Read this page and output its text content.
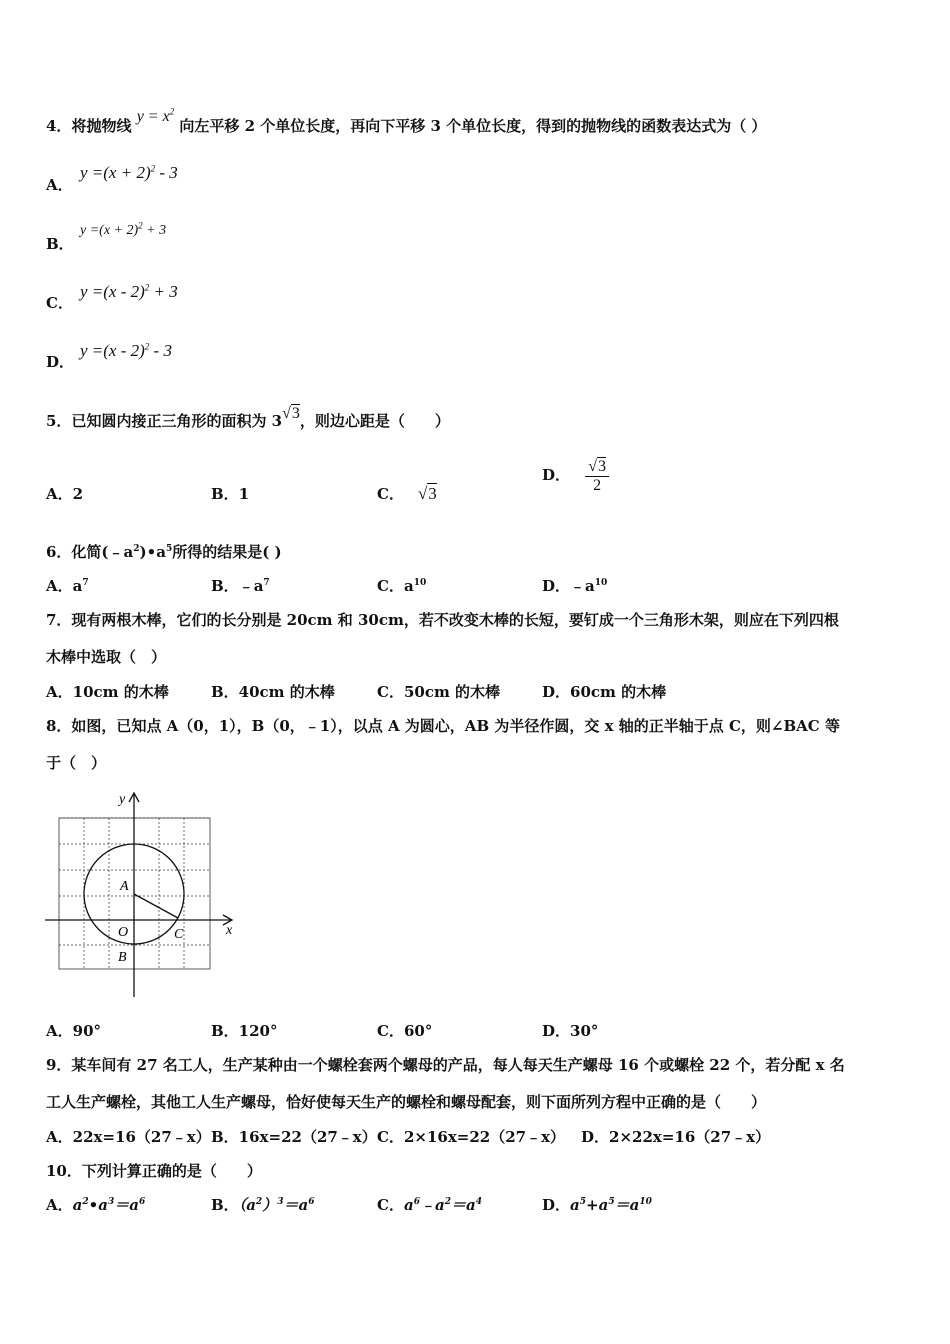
4．将抛物线 $y = x^2$ 向左平移 2 个单位长度，再向下平移 3 个单位长度，得到的抛物线的函数表达式为（ ）
A．
$y =(x + 2)^2 - 3$
B．
$y =(x + 2)^2 + 3$
C．
y =(x - 2)$^2$ + 3
D．
y =(x - 2)$^2$ - 3
5．已知圆内接正三角形的面积为 3√3，则边心距是（　　）
A．2	B．1	C． √3
D． $\frac{√3}{2}$
6．化简$(﹣a^2)•a^5$所得的结果是( )
A．$a^7$	B．$﹣a^7$	C．$a^{10}$	D．$﹣a^{10}$
7．现有两根木棒，它们的长分别是 20cm 和 30cm，若不改变木棒的长短，要钉成一个三角形木架，则应在下列四根
木棒中选取（　）
A．10cm 的木棒	B．40cm 的木棒	C．50cm 的木棒	D．60cm 的木棒
8．如图，已知点 A（0，1），B（0，﹣1），以点 A 为圆心，AB 为半径作圆，交 x 轴的正半轴于点 C，则∠BAC 等
于（　）
y
x
A
O
B
C
A．90°	B．120°	C．60°	D．30°
9．某车间有 27 名工人，生产某种由一个螺栓套两个螺母的产品，每人每天生产螺母 16 个或螺栓 22 个，若分配 x 名
工人生产螺栓，其他工人生产螺母，恰好使每天生产的螺栓和螺母配套，则下面所列方程中正确的是（　　）
A．22x=16（27﹣x） B．16x=22（27﹣x） C．2×16x=22（27﹣x） D．2×22x=16（27﹣x）
10．下列计算正确的是（　　）
A．$a^2•a^3=a^6$	B．$(a^2)^3=a^6$	C．$a^6﹣a^2=a^4$	D．$a^5+a^5=a^{10}$
